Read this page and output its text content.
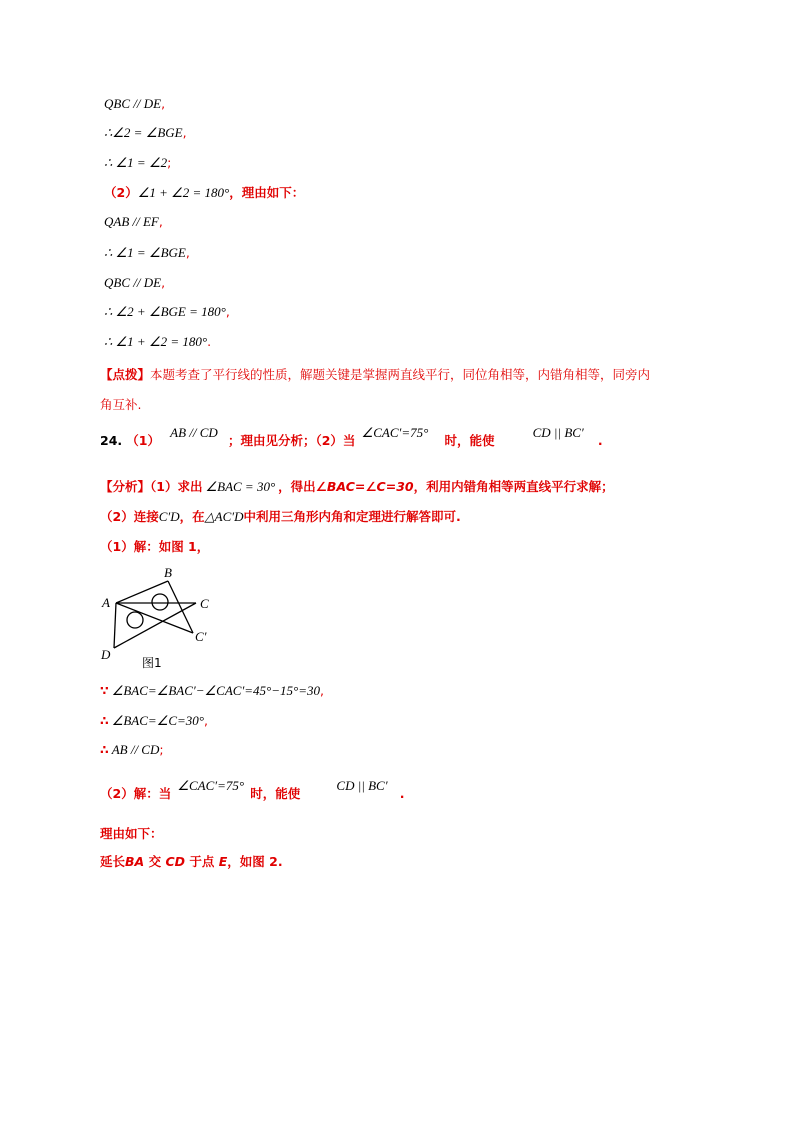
QBC // DE,
∴∠2 = ∠BGE,
∴ ∠1 = ∠2;
（2）∠1 + ∠2 = 180°，理由如下：
QAB // EF,
∴ ∠1 = ∠BGE,
QBC // DE,
∴ ∠2 + ∠BGE = 180°,
∴ ∠1 + ∠2 = 180°.
【点拨】本题考查了平行线的性质，解题关键是掌握两直线平行，同位角相等，内错角相等，同旁内
角互补.
24. （1） AB // CD ；理由见分析；（2）当 ∠CAC′=75° 时，能使 CD || BC′ .
【分析】（1）求出 ∠BAC = 30° ，得出∠BAC=∠C=30，利用内错角相等两直线平行求解；
（2）连接C′D，在△AC′D中利用三角形内角和定理进行解答即可.
（1）解：如图 1，
A
B
C
C′
D
图1
∵ ∠BAC=∠BAC′−∠CAC′=45°−15°=30,
∴ ∠BAC=∠C=30°,
∴ AB // CD;
（2）解：当 ∠CAC′=75° 时，能使 CD || BC′ .
理由如下：
延长BA 交 CD 于点 E，如图 2.
